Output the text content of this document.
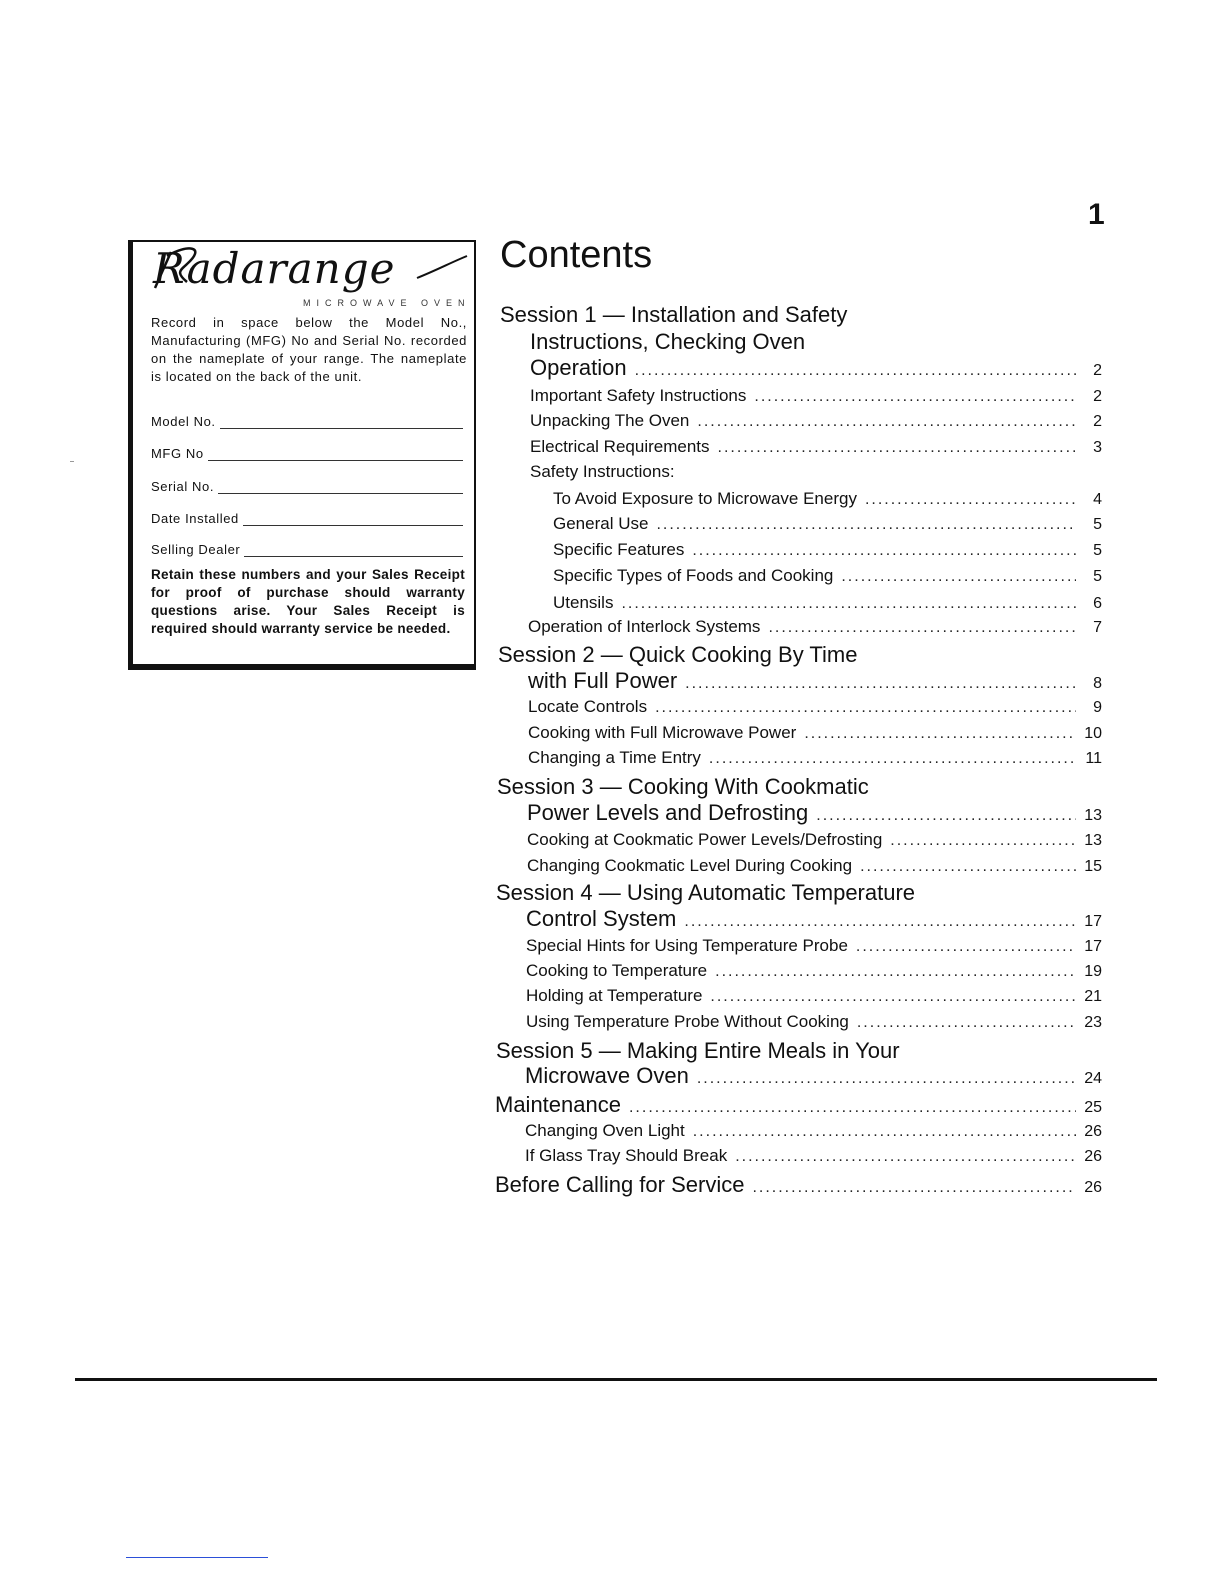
1
Radarange
MICROWAVE OVEN
Record in space below the Model No., Manufacturing (MFG) No and Serial No. recorded on the nameplate of your range. The nameplate is located on the back of the unit.
Model No.
MFG No
Serial No.
Date Installed
Selling Dealer
Retain these numbers and your Sales Receipt for proof of purchase should warranty questions arise. Your Sales Receipt is required should warranty service be needed.
Contents
Session 1 — Installation and Safety
Instructions, Checking Oven
Operation .....	2
Important Safety Instructions .....	2
Unpacking The Oven .....	2
Electrical Requirements .....	3
Safety Instructions:
To Avoid Exposure to Microwave Energy .....	4
General Use .....	5
Specific Features .....	5
Specific Types of Foods and Cooking .....	5
Utensils .....	6
Operation of Interlock Systems .....	7
Session 2 — Quick Cooking By Time
with Full Power .....	8
Locate Controls .....	9
Cooking with Full Microwave Power .....	10
Changing a Time Entry .....	11
Session 3 — Cooking With Cookmatic
Power Levels and Defrosting .....	13
Cooking at Cookmatic Power Levels/Defrosting .....	13
Changing Cookmatic Level During Cooking .....	15
Session 4 — Using Automatic Temperature
Control System .....	17
Special Hints for Using Temperature Probe .....	17
Cooking to Temperature .....	19
Holding at Temperature .....	21
Using Temperature Probe Without Cooking .....	23
Session 5 — Making Entire Meals in Your
Microwave Oven .....	24
Maintenance .....	25
Changing Oven Light .....	26
If Glass Tray Should Break .....	26
Before Calling for Service .....	26
